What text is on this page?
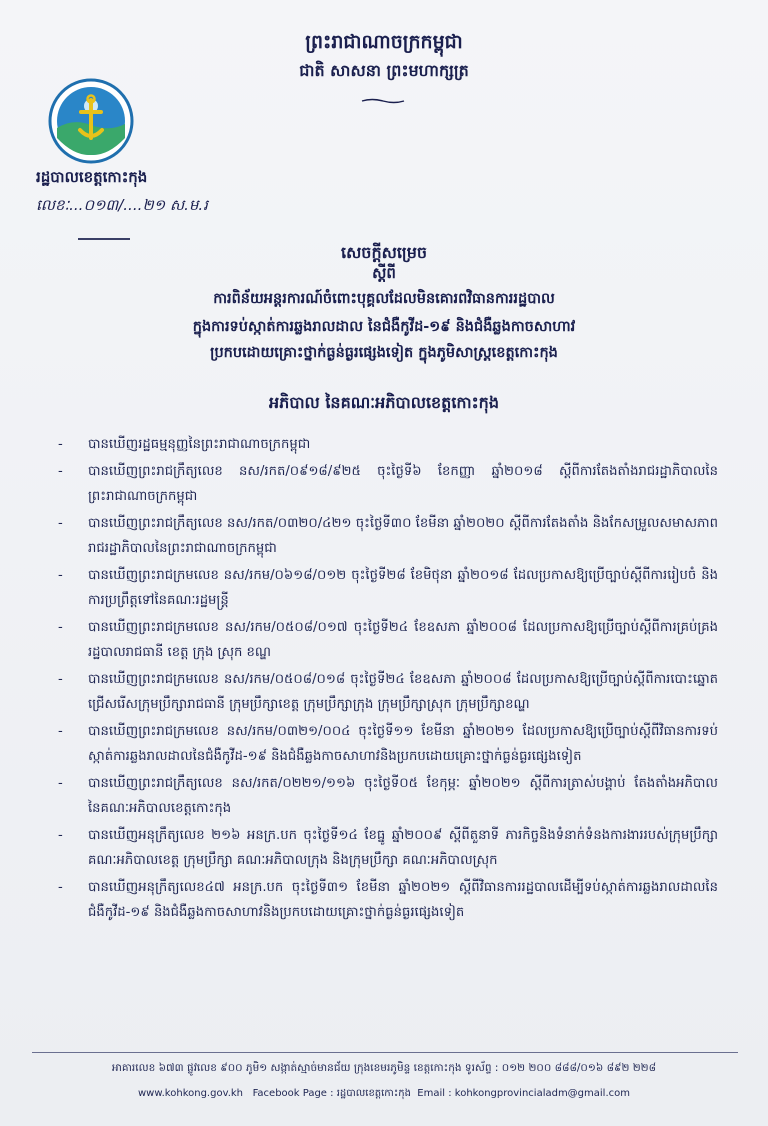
ព្រះរាជាណាចក្រកម្ពុជា
ជាតិ សាសនា ព្រះមហាក្សត្រ
រដ្ឋបាលខេត្តកោះកុង
លេខៈ...០១៣/....២១ ស.ម.រ
សេចក្ដីសម្រេច
ស្ដីពី
ការពិន័យអន្តរការណ៍ចំពោះបុគ្គលដែលមិនគោរពវិធានការរដ្ឋបាល
ក្នុងការទប់ស្កាត់ការឆ្លងរាលដាល នៃជំងឺកូវីដ-១៩ និងជំងឺឆ្លងកាចសាហាវ
ប្រកបដោយគ្រោះថ្នាក់ធ្ងន់ធ្ងរផ្សេងទៀត ក្នុងភូមិសាស្រ្តខេត្តកោះកុង
អភិបាល នៃគណៈអភិបាលខេត្តកោះកុង
- បានឃើញរដ្ឋធម្មនុញ្ញនៃព្រះរាជាណាចក្រកម្ពុជា
- បានឃើញព្រះរាជក្រឹត្យលេខ នស/រកត/០៩១៨/៩២៥ ចុះថ្ងៃទី៦ ខែកញ្ញា ឆ្នាំ២០១៨ ស្ដីពីការតែងតាំងរាជរដ្ឋាភិបាលនៃព្រះរាជាណាចក្រកម្ពុជា
- បានឃើញព្រះរាជក្រឹត្យលេខ នស/រកត/០៣២០/៤២១ ចុះថ្ងៃទី៣០ ខែមីនា ឆ្នាំ២០២០ ស្ដីពីការតែងតាំង និងកែសម្រួលសមាសភាពរាជរដ្ឋាភិបាលនៃព្រះរាជាណាចក្រកម្ពុជា
- បានឃើញព្រះរាជក្រមលេខ នស/រកម/០៦១៨/០១២ ចុះថ្ងៃទី២៨ ខែមិថុនា ឆ្នាំ២០១៨ ដែលប្រកាសឱ្យប្រើច្បាប់ស្ដីពីការរៀបចំ និងការប្រព្រឹត្តទៅនៃគណៈរដ្ឋមន្ត្រី
- បានឃើញព្រះរាជក្រមលេខ នស/រកម/០៥០៨/០១៧ ចុះថ្ងៃទី២៤ ខែឧសភា ឆ្នាំ២០០៨ ដែលប្រកាសឱ្យប្រើច្បាប់ស្ដីពីការគ្រប់គ្រងរដ្ឋបាលរាជធានី ខេត្ត ក្រុង ស្រុក ខណ្ឌ
- បានឃើញព្រះរាជក្រមលេខ នស/រកម/០៥០៨/០១៨ ចុះថ្ងៃទី២៤ ខែឧសភា ឆ្នាំ២០០៨ ដែលប្រកាសឱ្យប្រើច្បាប់ស្ដីពីការបោះឆ្នោតជ្រើសរើសក្រុមប្រឹក្សារាជធានី ក្រុមប្រឹក្សាខេត្ត ក្រុមប្រឹក្សាក្រុង ក្រុមប្រឹក្សាស្រុក ក្រុមប្រឹក្សាខណ្ឌ
- បានឃើញព្រះរាជក្រមលេខ នស/រកម/០៣២១/០០៤ ចុះថ្ងៃទី១១ ខែមីនា ឆ្នាំ២០២១ ដែលប្រកាសឱ្យប្រើច្បាប់ស្ដីពីវិធានការទប់ស្កាត់ការឆ្លងរាលដាលនៃជំងឺកូវីដ-១៩ និងជំងឺឆ្លងកាចសាហាវនិងប្រកបដោយគ្រោះថ្នាក់ធ្ងន់ធ្ងរផ្សេងទៀត
- បានឃើញព្រះរាជក្រឹត្យលេខ នស/រកត/០២២១/១១៦ ចុះថ្ងៃទី០៥ ខែកុម្ភៈ ឆ្នាំ២០២១ ស្ដីពីការត្រាស់បង្គាប់ តែងតាំងអភិបាល នៃគណៈអភិបាលខេត្តកោះកុង
- បានឃើញអនុក្រឹត្យលេខ ២១៦ អនក្រ.បក ចុះថ្ងៃទី១៤ ខែធ្នូ ឆ្នាំ២០០៩ ស្ដីពីតួនាទី ភារកិច្ចនិងទំនាក់ទំនងការងាររបស់ក្រុមប្រឹក្សា គណៈអភិបាលខេត្ត ក្រុមប្រឹក្សា គណៈអភិបាលក្រុង និងក្រុមប្រឹក្សា គណៈអភិបាលស្រុក
- បានឃើញអនុក្រឹត្យលេខ៤៧ អនក្រ.បក ចុះថ្ងៃទី៣១ ខែមីនា ឆ្នាំ២០២១ ស្ដីពីវិធានការរដ្ឋបាលដើម្បីទប់ស្កាត់ការឆ្លងរាលដាលនៃជំងឺកូវីដ-១៩ និងជំងឺឆ្លងកាចសាហាវនិងប្រកបដោយគ្រោះថ្នាក់ធ្ងន់ធ្ងរផ្សេងទៀត
អាគារលេខ ៦៧៣ ផ្លូវលេខ ៩០០ ភូមិ១ សង្កាត់ស្មាច់មានជ័យ ក្រុងខេមរភូមិន្ទ ខេត្តកោះកុង ទូរស័ព្ទ : ០១២ ២០០ ៨៨៨/០១៦ ៨៩២ ២២៨
www.kohkong.gov.kh Facebook Page : រដ្ឋបាលខេត្តកោះកុង Email : kohkongprovincialadm@gmail.com
